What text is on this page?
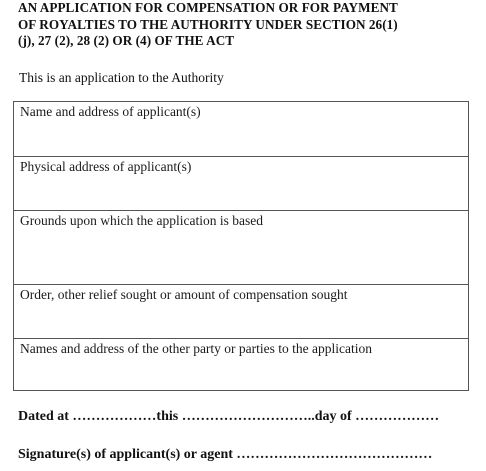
AN APPLICATION FOR COMPENSATION OR FOR PAYMENT
OF ROYALTIES TO THE AUTHORITY UNDER SECTION 26(1)
(j), 27 (2), 28 (2) OR (4) OF THE ACT
This is an application to the Authority
Name and address of applicant(s)
Physical address of applicant(s)
Grounds upon which the application is based
Order, other relief sought or amount of compensation sought
Names and address of the other party or parties to the application
Dated at ………………this ………………………..day of ………………
Signature(s) of applicant(s) or agent ……………………………………
